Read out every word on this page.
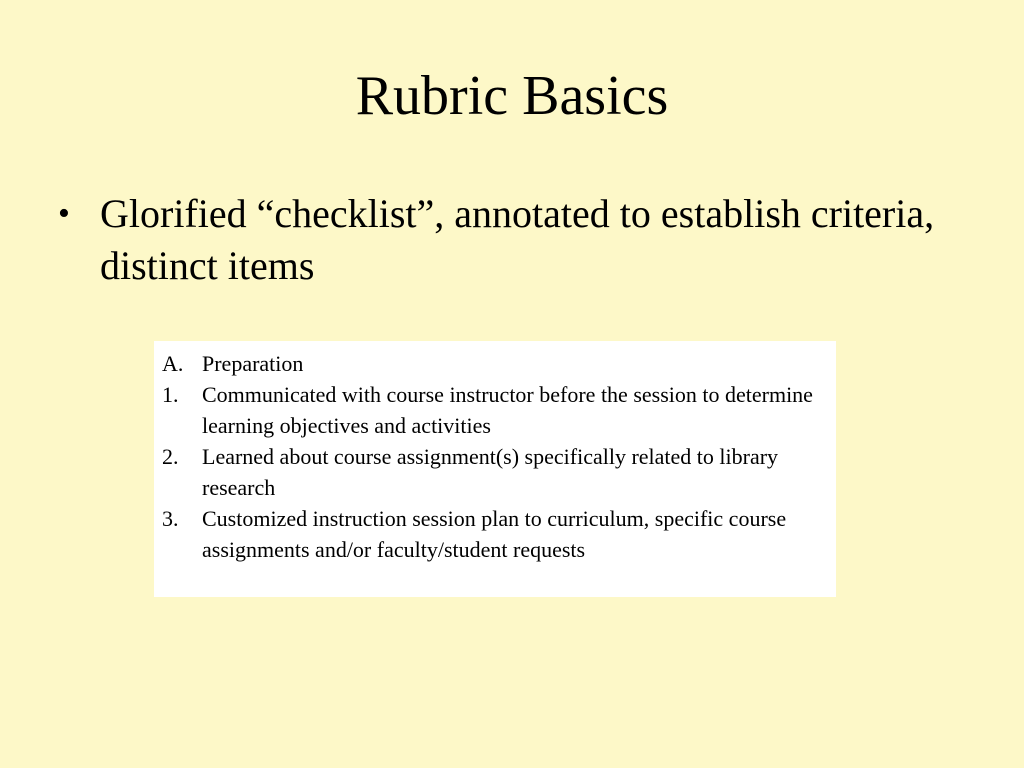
Rubric Basics
• Glorified “checklist”, annotated to establish criteria, distinct items
A. Preparation
1.	Communicated with course instructor before the session to determine learning objectives and activities
2.	Learned about course assignment(s) specifically related to library research
3.	Customized instruction session plan to curriculum, specific course assignments and/or faculty/student requests
